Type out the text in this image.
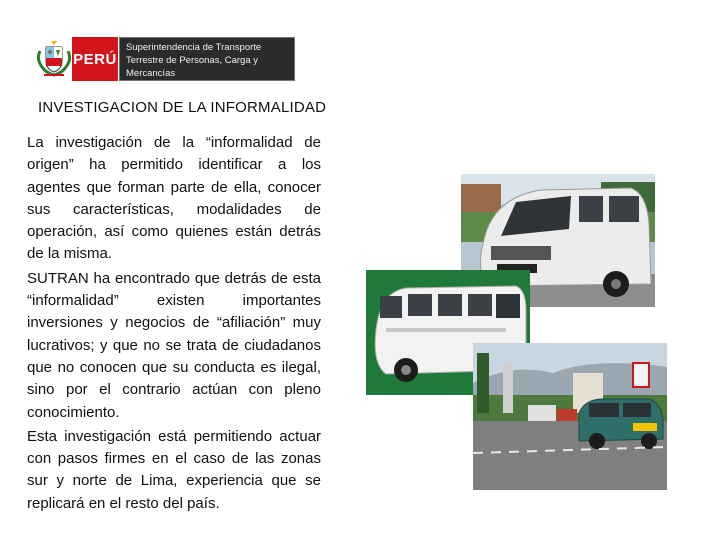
PERÚ
Superintendencia de Transporte
Terrestre de Personas, Carga y
Mercancías
INVESTIGACION DE LA INFORMALIDAD

La investigación de la “informalidad de origen” ha permitido identificar a los agentes que forman parte de ella, conocer sus características, modalidades de operación, así como quienes están detrás de la misma.

SUTRAN ha encontrado que detrás de esta “informalidad” existen importantes inversiones y negocios de “afiliación” muy lucrativos; y que no se trata de ciudadanos que no conocen que su conducta es ilegal, sino por el contrario actúan con pleno conocimiento.

Esta investigación está permitiendo actuar con pasos firmes en el caso de las zonas sur y norte de Lima, experiencia que se replicará en el resto del país.
